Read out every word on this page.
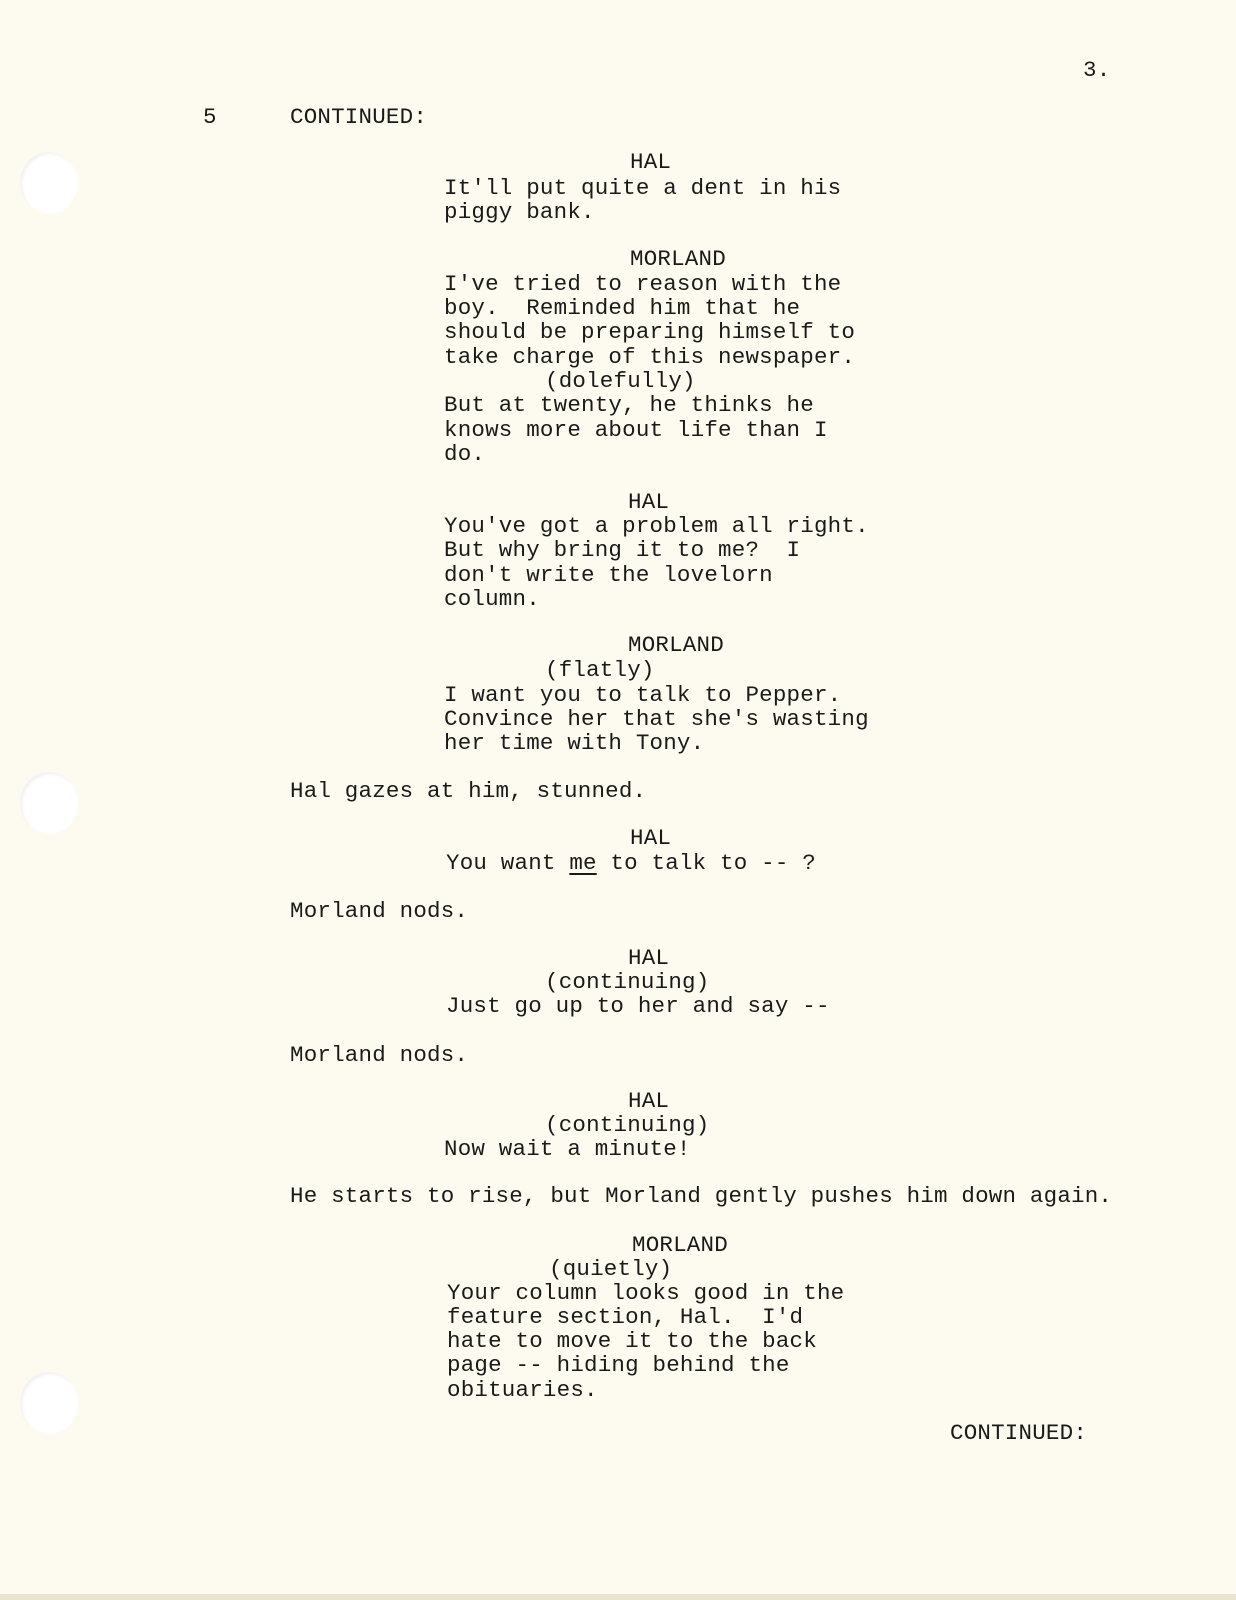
3.
5	CONTINUED:
HAL
It'll put quite a dent in his
piggy bank.
MORLAND
I've tried to reason with the
boy.  Reminded him that he
should be preparing himself to
take charge of this newspaper.
(dolefully)
But at twenty, he thinks he
knows more about life than I
do.
HAL
You've got a problem all right.
But why bring it to me?  I
don't write the lovelorn
column.
MORLAND
(flatly)
I want you to talk to Pepper.
Convince her that she's wasting
her time with Tony.
Hal gazes at him, stunned.
HAL
You want me to talk to -- ?
Morland nods.
HAL
(continuing)
Just go up to her and say --
Morland nods.
HAL
(continuing)
Now wait a minute!
He starts to rise, but Morland gently pushes him down again.
MORLAND
(quietly)
Your column looks good in the
feature section, Hal.  I'd
hate to move it to the back
page -- hiding behind the
obituaries.
CONTINUED:
